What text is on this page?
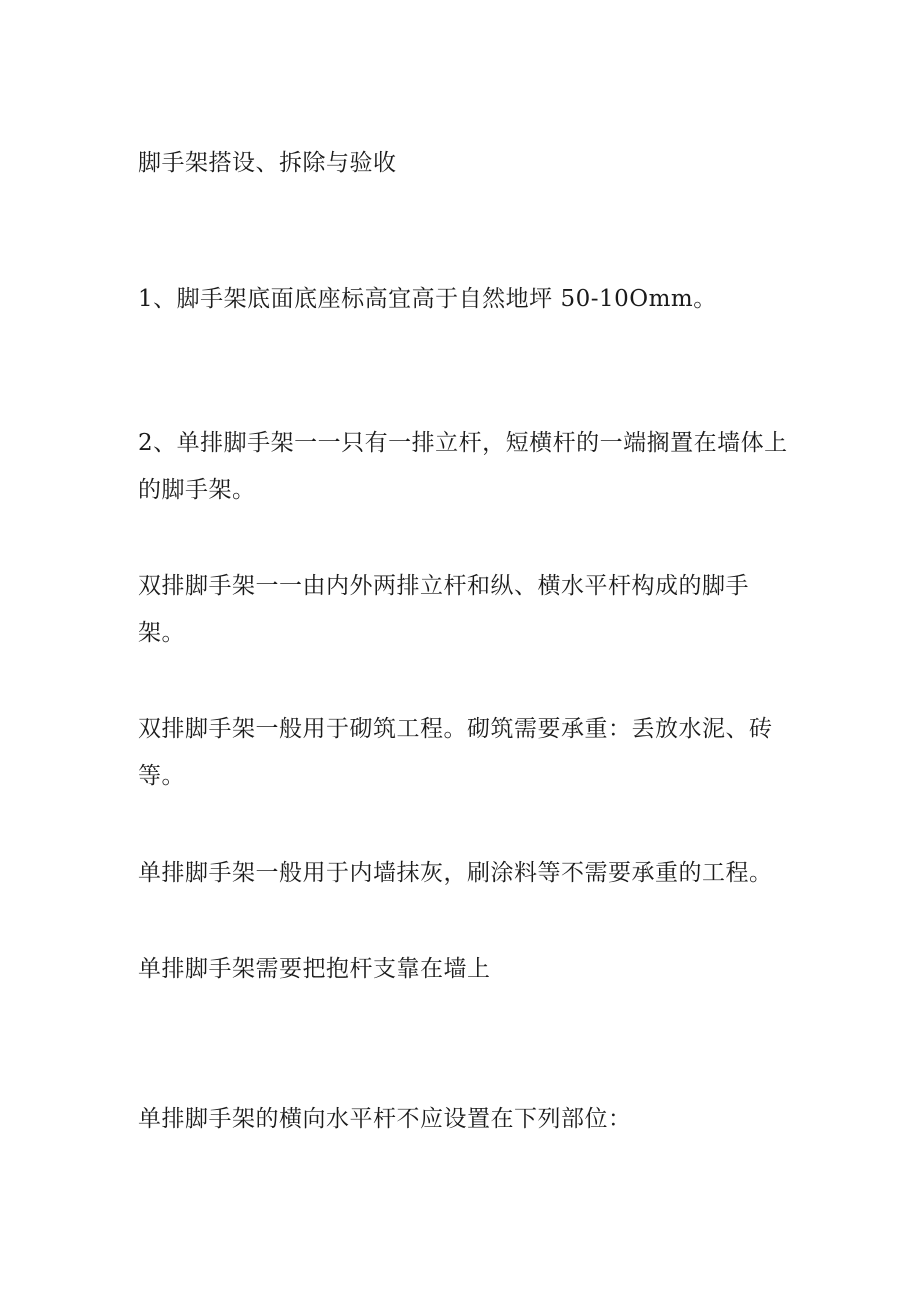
脚手架搭设、拆除与验收
1、脚手架底面底座标高宜高于自然地坪 50-10Omm。
2、单排脚手架一一只有一排立杆，短横杆的一端搁置在墙体上
的脚手架。
双排脚手架一一由内外两排立杆和纵、横水平杆构成的脚手
架。
双排脚手架一般用于砌筑工程。砌筑需要承重：丢放水泥、砖
等。
单排脚手架一般用于内墙抹灰，刷涂料等不需要承重的工程。
单排脚手架需要把抱杆支靠在墙上
单排脚手架的横向水平杆不应设置在下列部位：
